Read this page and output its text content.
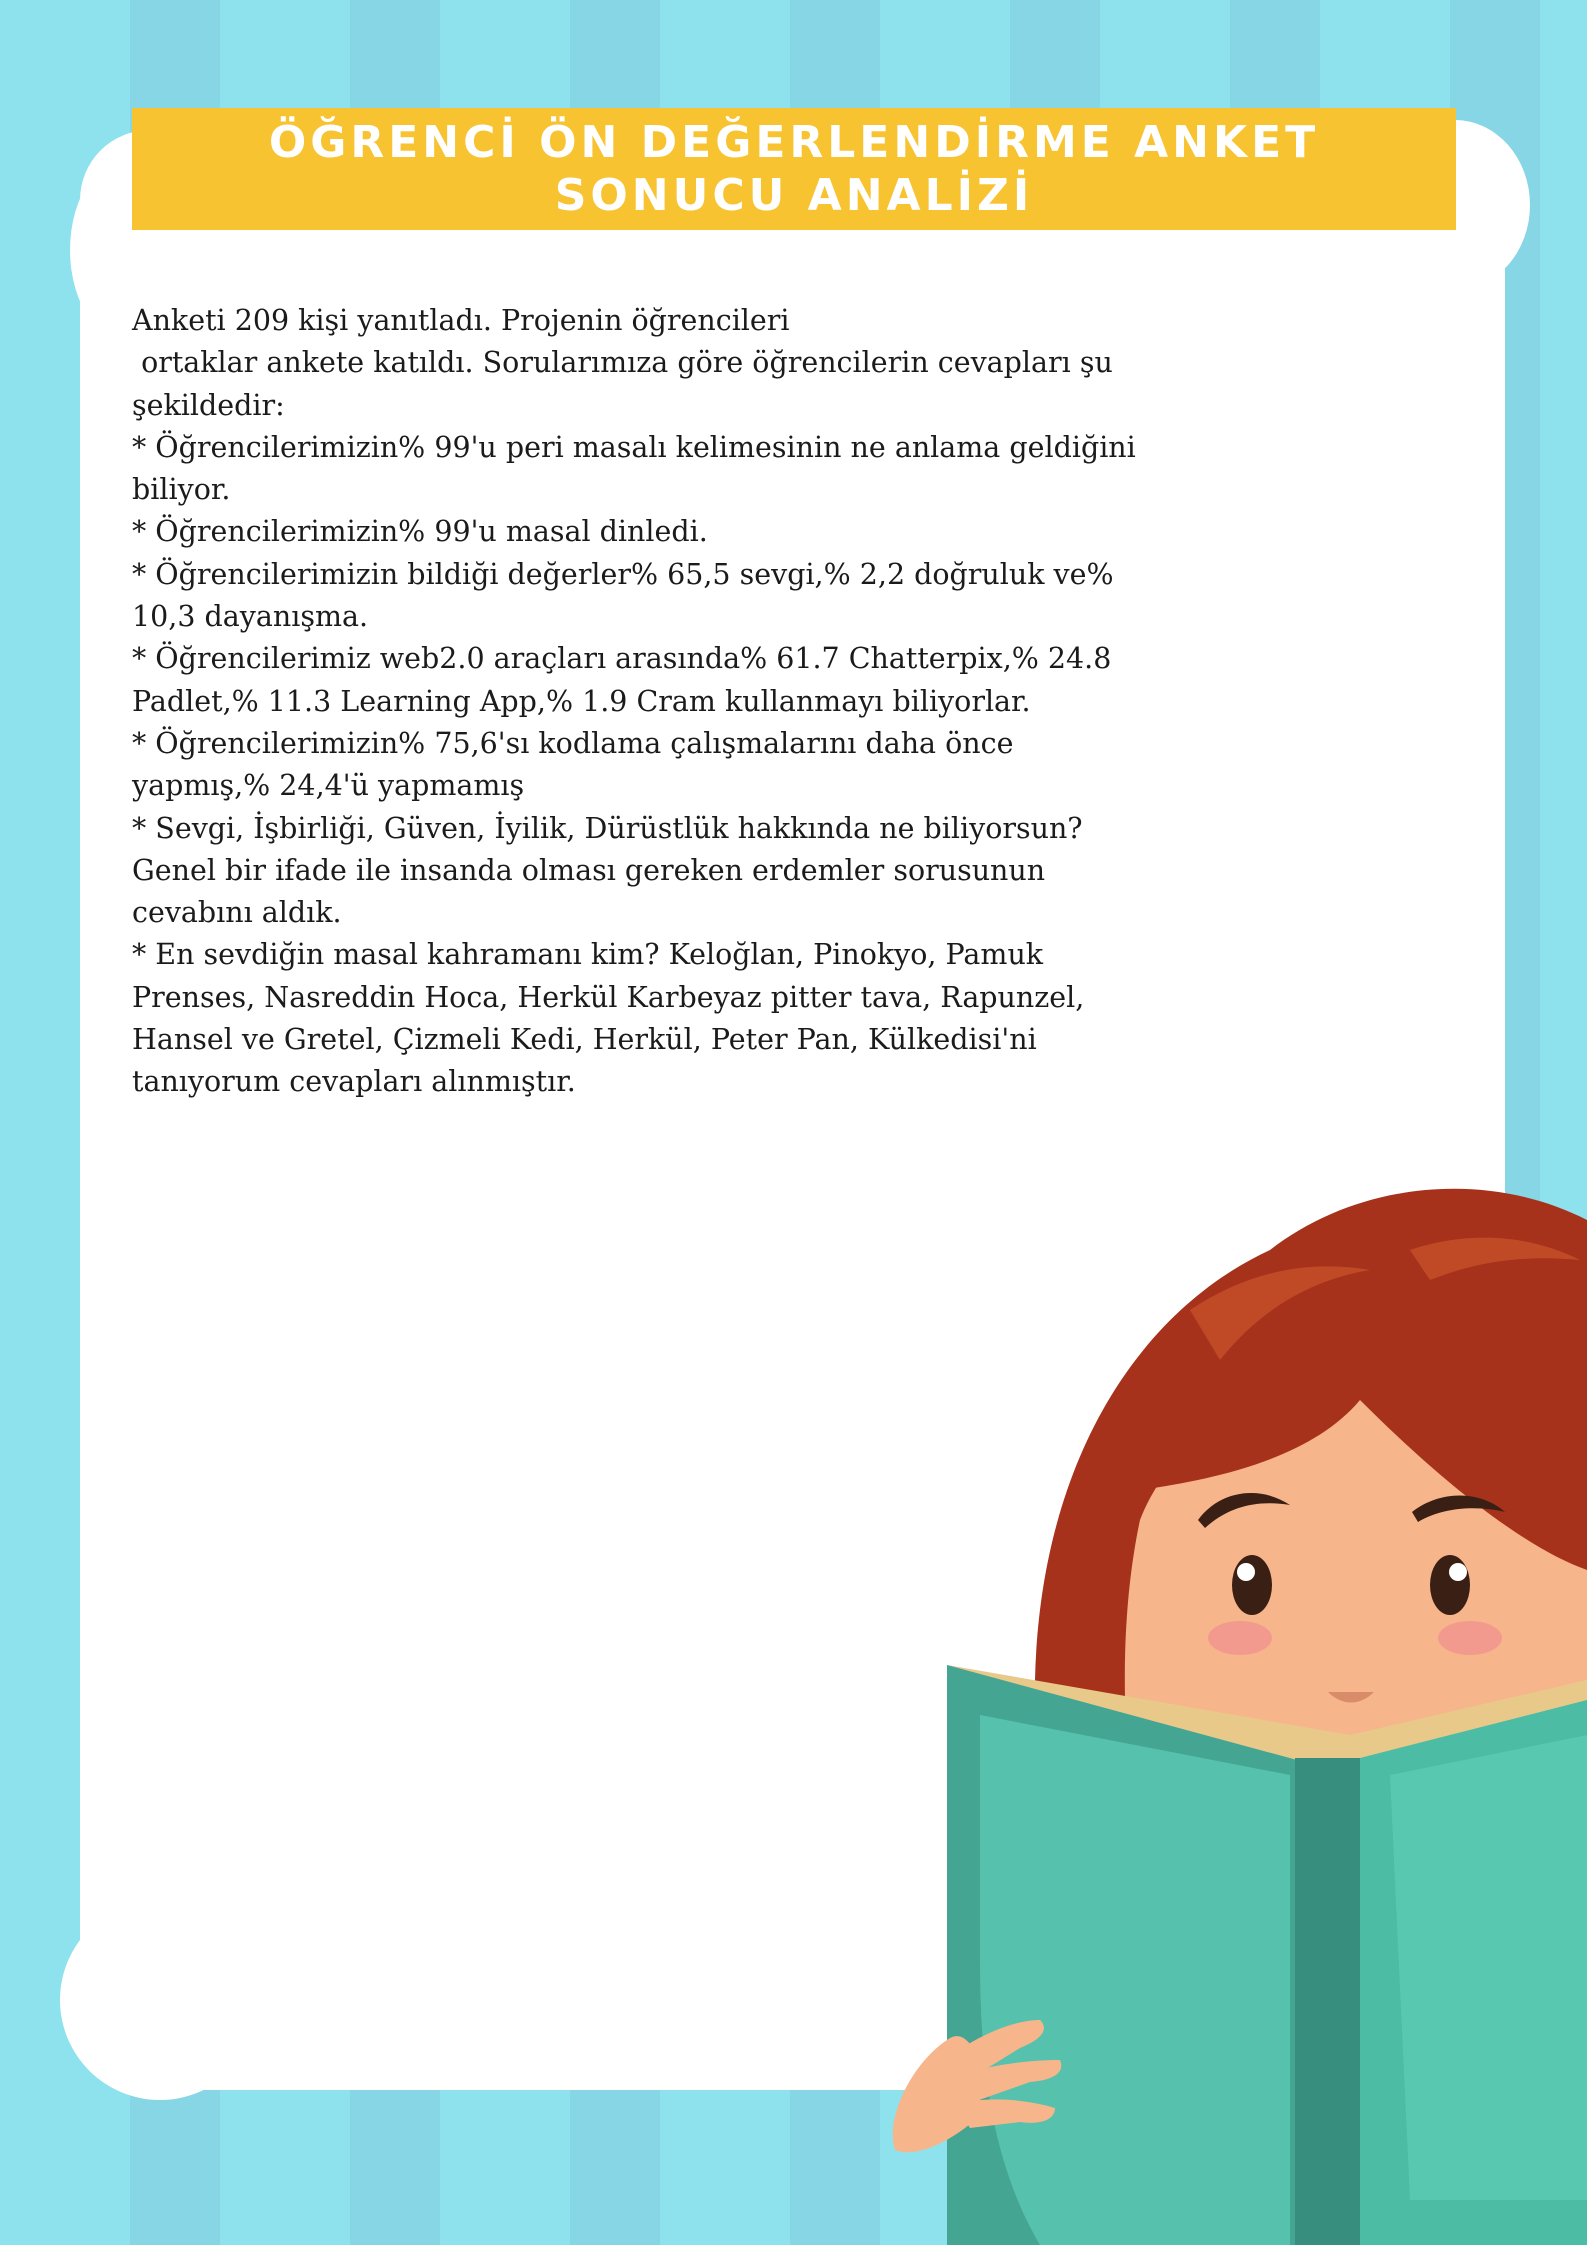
ÖĞRENCİ ÖN DEĞERLENDİRME ANKET SONUCU ANALİZİ

Anketi 209 kişi yanıtladı. Projenin öğrencileri

ortaklar ankete katıldı. Sorularımıza göre öğrencilerin cevapları şu

şekildedir:

* Öğrencilerimizin% 99'u peri masalı kelimesinin ne anlama geldiğini

biliyor.

* Öğrencilerimizin% 99'u masal dinledi.

* Öğrencilerimizin bildiği değerler% 65,5 sevgi,% 2,2 doğruluk ve%

10,3 dayanışma.

* Öğrencilerimiz web2.0 araçları arasında% 61.7 Chatterpix,% 24.8

Padlet,% 11.3 Learning App,% 1.9 Cram kullanmayı biliyorlar.

* Öğrencilerimizin% 75,6'sı kodlama çalışmalarını daha önce

yapmış,% 24,4'ü yapmamış

* Sevgi, İşbirliği, Güven, İyilik, Dürüstlük hakkında ne biliyorsun?

Genel bir ifade ile insanda olması gereken erdemler sorusunun

cevabını aldık.

* En sevdiğin masal kahramanı kim? Keloğlan, Pinokyo, Pamuk

Prenses, Nasreddin Hoca, Herkül Karbeyaz pitter tava, Rapunzel,

Hansel ve Gretel, Çizmeli Kedi, Herkül, Peter Pan, Külkedisi'ni

tanıyorum cevapları alınmıştır.
